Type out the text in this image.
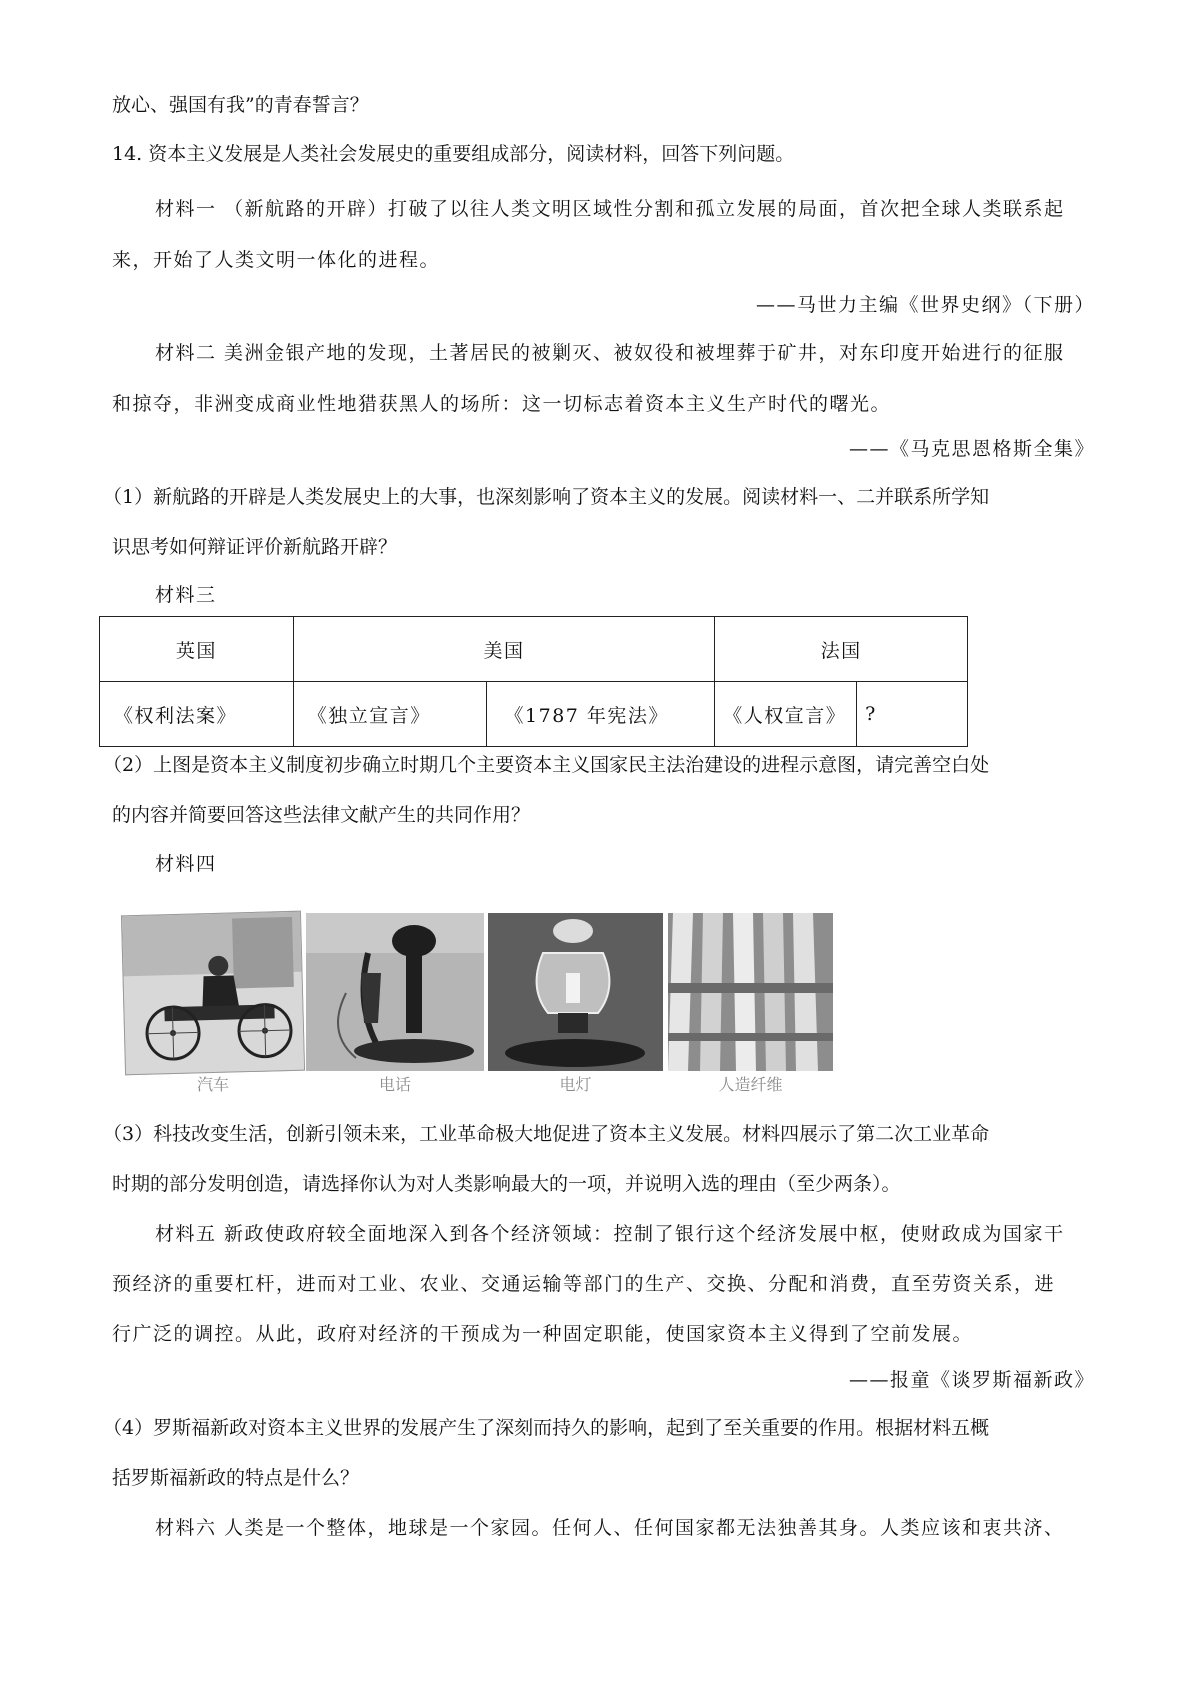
放心、强国有我”的青春誓言？
14. 资本主义发展是人类社会发展史的重要组成部分，阅读材料，回答下列问题。
材料一 （新航路的开辟）打破了以往人类文明区域性分割和孤立发展的局面，首次把全球人类联系起
来，开始了人类文明一体化的进程。
——马世力主编《世界史纲》（下册）
材料二 美洲金银产地的发现，土著居民的被剿灭、被奴役和被埋葬于矿井，对东印度开始进行的征服
和掠夺，非洲变成商业性地猎获黑人的场所：这一切标志着资本主义生产时代的曙光。
——《马克思恩格斯全集》
（1）新航路的开辟是人类发展史上的大事，也深刻影响了资本主义的发展。阅读材料一、二并联系所学知
识思考如何辩证评价新航路开辟？
材料三
英国	美国		法国	
《权利法案》	《独立宣言》	《1787 年宪法》	《人权宣言》	?
（2）上图是资本主义制度初步确立时期几个主要资本主义国家民主法治建设的进程示意图，请完善空白处
的内容并简要回答这些法律文献产生的共同作用？
材料四
汽车	电话	电灯	人造纤维
（3）科技改变生活，创新引领未来，工业革命极大地促进了资本主义发展。材料四展示了第二次工业革命
时期的部分发明创造，请选择你认为对人类影响最大的一项，并说明入选的理由（至少两条）。
材料五 新政使政府较全面地深入到各个经济领域：控制了银行这个经济发展中枢，使财政成为国家干
预经济的重要杠杆，进而对工业、农业、交通运输等部门的生产、交换、分配和消费，直至劳资关系，进
行广泛的调控。从此，政府对经济的干预成为一种固定职能，使国家资本主义得到了空前发展。
——报童《谈罗斯福新政》
（4）罗斯福新政对资本主义世界的发展产生了深刻而持久的影响，起到了至关重要的作用。根据材料五概
括罗斯福新政的特点是什么？
材料六 人类是一个整体，地球是一个家园。任何人、任何国家都无法独善其身。人类应该和衷共济、
